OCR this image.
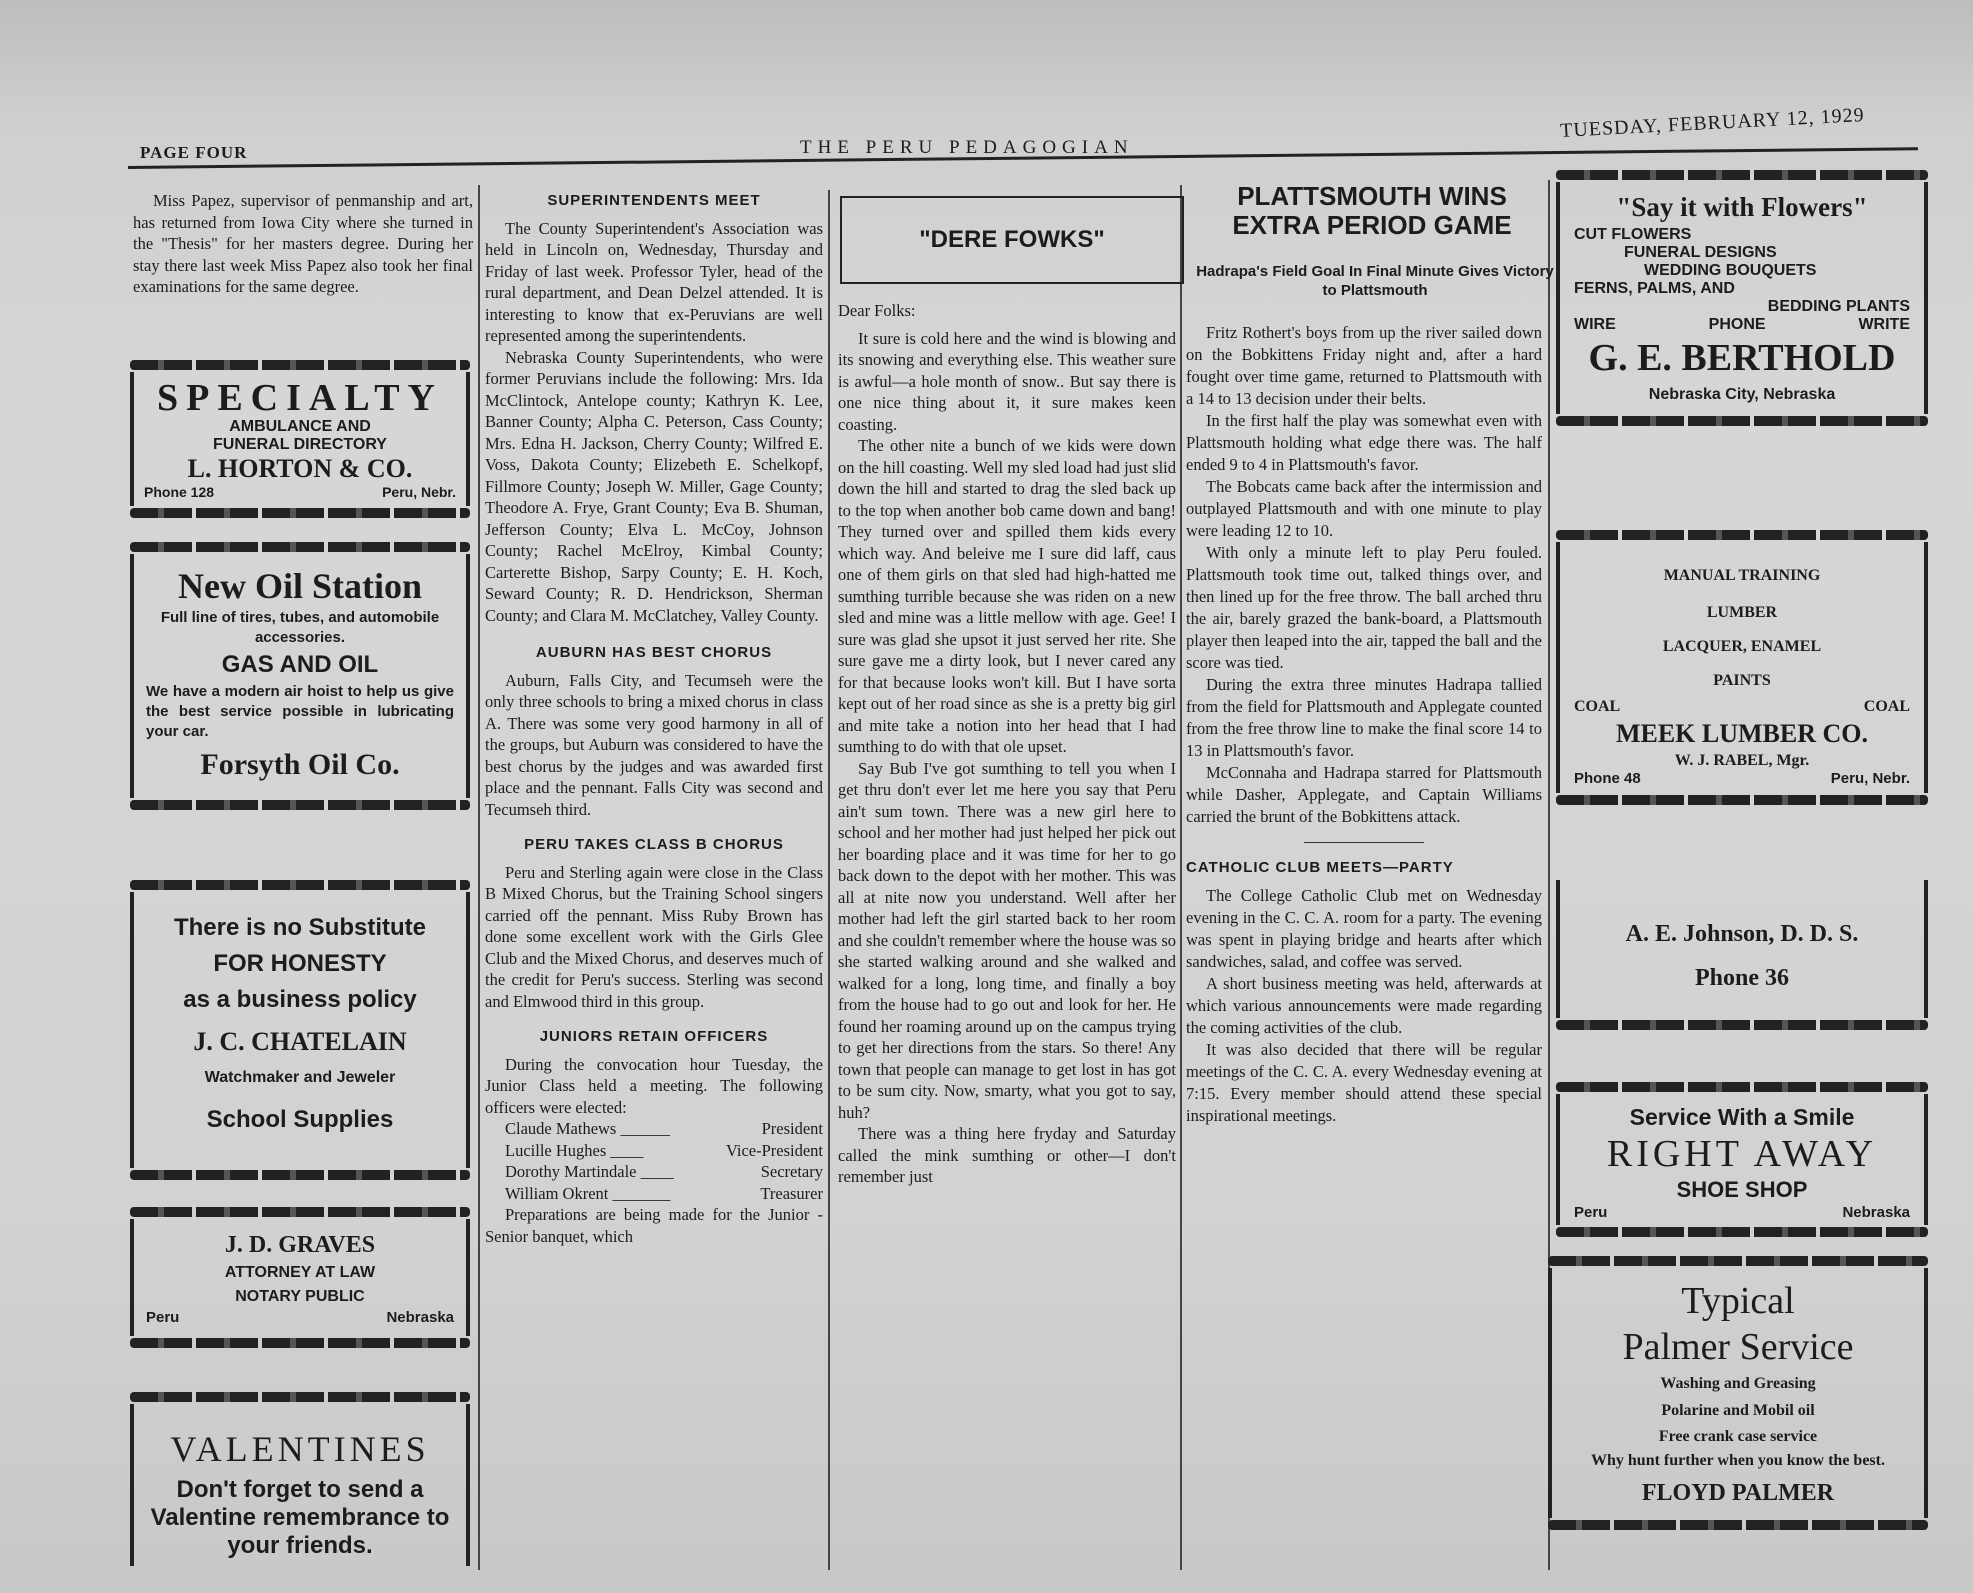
PAGE FOUR	THE PERU PEDAGOGIAN
TUESDAY, FEBRUARY 12, 1929

Miss Papez, supervisor of penmanship and art, has returned from Iowa City where she turned in the "Thesis" for her masters degree. During her stay there last week Miss Papez also took her final examinations for the same degree.

SPECIALTY
AMBULANCE AND
FUNERAL DIRECTORY
L. HORTON & CO.
Phone 128	Peru, Nebr.
New Oil Station
Full line of tires, tubes, and automobile accessories.
GAS AND OIL
We have a modern air hoist to help us give the best service possible in lubricating your car.
Forsyth Oil Co.
There is no Substitute
FOR HONESTY
as a business policy
J. C. CHATELAIN
Watchmaker and Jeweler
School Supplies
J. D. GRAVES
ATTORNEY AT LAW
NOTARY PUBLIC
Peru	Nebraska
VALENTINES
Don't forget to send a Valentine remembrance to your friends.
SUPERINTENDENTS MEET

The County Superintendent's Association was held in Lincoln on, Wednesday, Thursday and Friday of last week. Professor Tyler, head of the rural department, and Dean Delzel attended. It is interesting to know that ex-Peruvians are well represented among the superintendents.

Nebraska County Superintendents, who were former Peruvians include the following: Mrs. Ida McClintock, Antelope county; Kathryn K. Lee, Banner County; Alpha C. Peterson, Cass County; Mrs. Edna H. Jackson, Cherry County; Wilfred E. Voss, Dakota County; Elizebeth E. Schelkopf, Fillmore County; Joseph W. Miller, Gage County; Theodore A. Frye, Grant County; Eva B. Shuman, Jefferson County; Elva L. McCoy, Johnson County; Rachel McElroy, Kimbal County; Carterette Bishop, Sarpy County; E. H. Koch, Seward County; R. D. Hendrickson, Sherman County; and Clara M. McClatchey, Valley County.

AUBURN HAS BEST CHORUS

Auburn, Falls City, and Tecumseh were the only three schools to bring a mixed chorus in class A. There was some very good harmony in all of the groups, but Auburn was considered to have the best chorus by the judges and was awarded first place and the pennant. Falls City was second and Tecumseh third.

PERU TAKES CLASS B CHORUS

Peru and Sterling again were close in the Class B Mixed Chorus, but the Training School singers carried off the pennant. Miss Ruby Brown has done some excellent work with the Girls Glee Club and the Mixed Chorus, and deserves much of the credit for Peru's success. Sterling was second and Elmwood third in this group.

JUNIORS RETAIN OFFICERS

During the convocation hour Tuesday, the Junior Class held a meeting. The following officers were elected:

Claude Mathews ______	President
Lucille Hughes ____	Vice-President
Dorothy Martindale ____	Secretary
William Okrent _______	Treasurer

Preparations are being made for the Junior - Senior banquet, which

"DERE FOWKS"

Dear Folks:

It sure is cold here and the wind is blowing and its snowing and everything else. This weather sure is awful—a hole month of snow.. But say there is one nice thing about it, it sure makes keen coasting.

The other nite a bunch of we kids were down on the hill coasting. Well my sled load had just slid down the hill and started to drag the sled back up to the top when another bob came down and bang! They turned over and spilled them kids every which way. And beleive me I sure did laff, caus one of them girls on that sled had high-hatted me sumthing turrible because she was riden on a new sled and mine was a little mellow with age. Gee! I sure was glad she upsot it just served her rite. She sure gave me a dirty look, but I never cared any for that because looks won't kill. But I have sorta kept out of her road since as she is a pretty big girl and mite take a notion into her head that I had sumthing to do with that ole upset.

Say Bub I've got sumthing to tell you when I get thru don't ever let me here you say that Peru ain't sum town. There was a new girl here to school and her mother had just helped her pick out her boarding place and it was time for her to go back down to the depot with her mother. This was all at nite now you understand. Well after her mother had left the girl started back to her room and she couldn't remember where the house was so she started walking around and she walked and walked for a long, long time, and finally a boy from the house had to go out and look for her. He found her roaming around up on the campus trying to get her directions from the stars. So there! Any town that people can manage to get lost in has got to be sum city. Now, smarty, what you got to say, huh?

There was a thing here fryday and Saturday called the mink sumthing or other—I don't remember just

PLATTSMOUTH WINS EXTRA PERIOD GAME
Hadrapa's Field Goal In Final Minute Gives Victory to Plattsmouth

Fritz Rothert's boys from up the river sailed down on the Bobkittens Friday night and, after a hard fought over time game, returned to Plattsmouth with a 14 to 13 decision under their belts.

In the first half the play was somewhat even with Plattsmouth holding what edge there was. The half ended 9 to 4 in Plattsmouth's favor.

The Bobcats came back after the intermission and outplayed Plattsmouth and with one minute to play were leading 12 to 10.

With only a minute left to play Peru fouled. Plattsmouth took time out, talked things over, and then lined up for the free throw. The ball arched thru the air, barely grazed the bank-board, a Plattsmouth player then leaped into the air, tapped the ball and the score was tied.

During the extra three minutes Hadrapa tallied from the field for Plattsmouth and Applegate counted from the free throw line to make the final score 14 to 13 in Plattsmouth's favor.

McConnaha and Hadrapa starred for Plattsmouth while Dasher, Applegate, and Captain Williams carried the brunt of the Bobkittens attack.

CATHOLIC CLUB MEETS—PARTY

The College Catholic Club met on Wednesday evening in the C. C. A. room for a party. The evening was spent in playing bridge and hearts after which sandwiches, salad, and coffee was served.

A short business meeting was held, afterwards at which various announcements were made regarding the coming activities of the club.

It was also decided that there will be regular meetings of the C. C. A. every Wednesday evening at 7:15. Every member should attend these special inspirational meetings.

"Say it with Flowers"
CUT FLOWERS
FUNERAL DESIGNS
WEDDING BOUQUETS
FERNS, PALMS, AND
BEDDING PLANTS
WIRE	PHONE	WRITE
G. E. BERTHOLD
Nebraska City, Nebraska
MANUAL TRAINING
LUMBER
LACQUER, ENAMEL
PAINTS
COAL	COAL
MEEK LUMBER CO.
W. J. RABEL, Mgr.
Phone 48	Peru, Nebr.
A. E. Johnson, D. D. S.
Phone 36
Service With a Smile
RIGHT AWAY
SHOE SHOP
Peru	Nebraska
Typical
Palmer Service
Washing and Greasing
Polarine and Mobil oil
Free crank case service
Why hunt further when you know the best.
FLOYD PALMER
